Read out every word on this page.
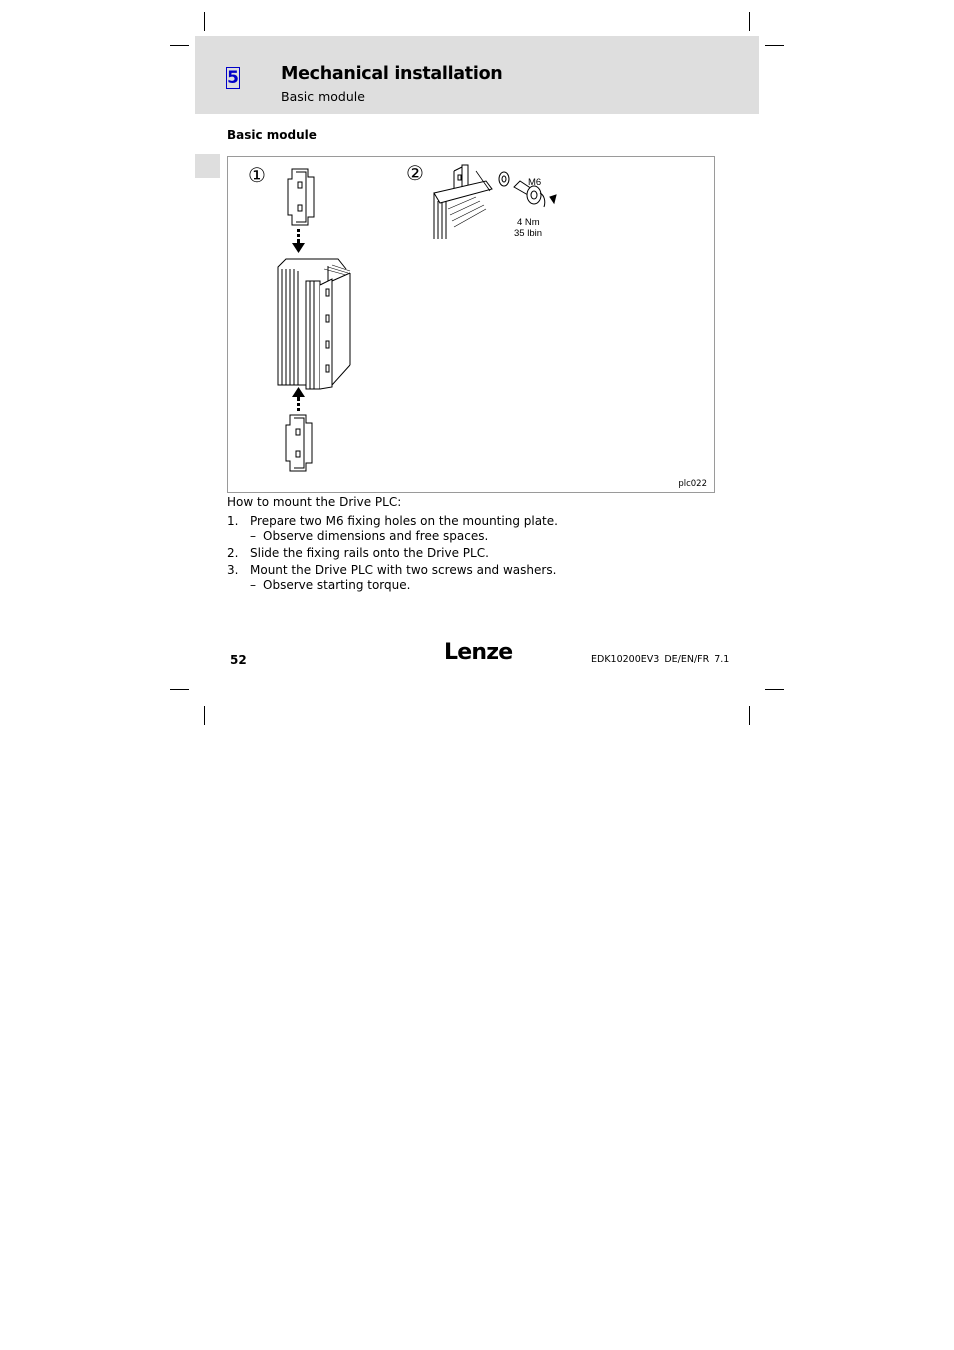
5 Mechanical installation
Basic module
Basic module
①	②	M6
4 Nm
35 lbin
plc022
How to mount the Drive PLC:
1. Prepare two M6 fixing holes on the mounting plate.
– Observe dimensions and free spaces.
2. Slide the fixing rails onto the Drive PLC.
3. Mount the Drive PLC with two screws and washers.
– Observe starting torque.
52	Lenze	EDK10200EV3 DE/EN/FR 7.1
